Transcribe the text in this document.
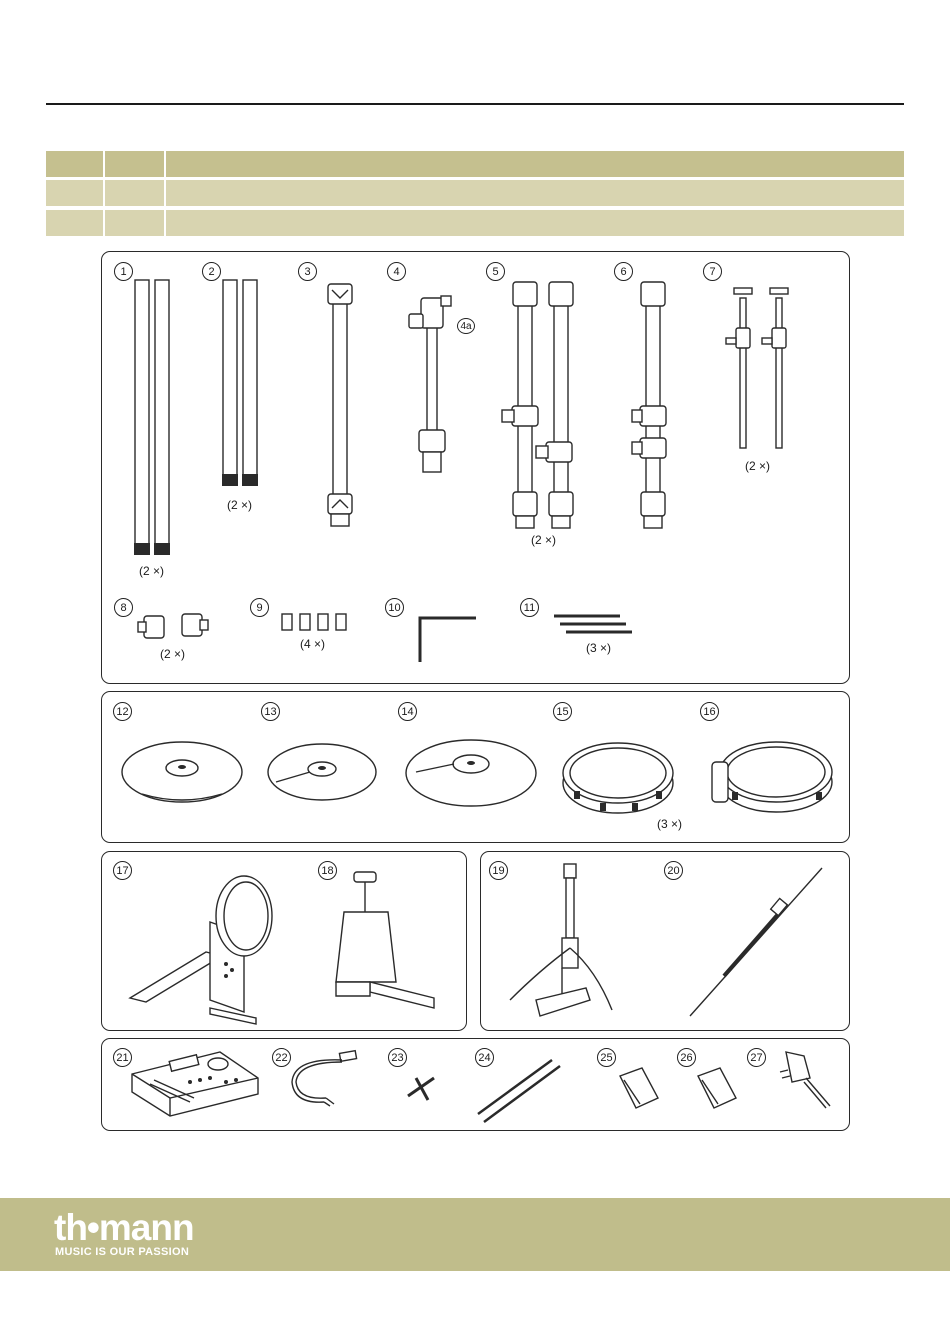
1	2	3	4	5	6	7
8	9	10	11
12	13	14	15	16
17	18	19	20
21	22	23	24	25	26	27
4a
(2 ×)
(2 ×)
(2 ×)
(2 ×)
(2 ×)
(4 ×)	(3 ×)
(3 ×)
th•mann
MUSIC IS OUR PASSION
